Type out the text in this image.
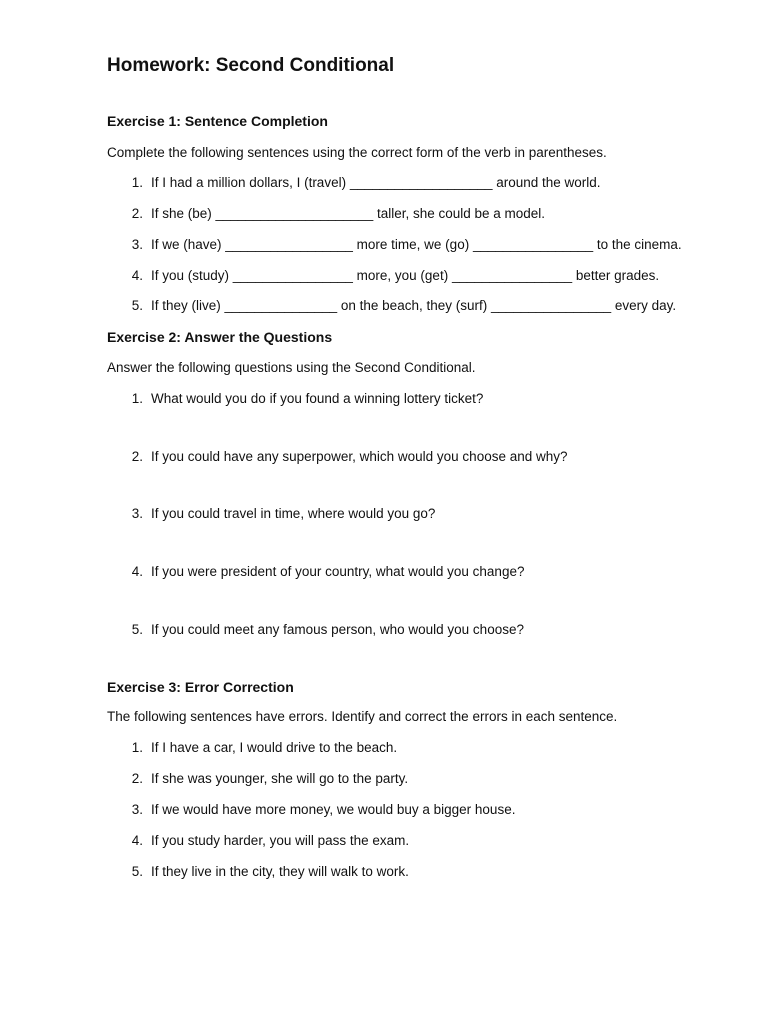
Homework: Second Conditional
Exercise 1: Sentence Completion

Complete the following sentences using the correct form of the verb in parentheses.

1. If I had a million dollars, I (travel) ___________________ around the world.
2. If she (be) _____________________ taller, she could be a model.
3. If we (have) _________________ more time, we (go) ________________ to the cinema.
4. If you (study) ________________ more, you (get) ________________ better grades.
5. If they (live) _______________ on the beach, they (surf) ________________ every day.
Exercise 2: Answer the Questions

Answer the following questions using the Second Conditional.

1. What would you do if you found a winning lottery ticket?
2. If you could have any superpower, which would you choose and why?
3. If you could travel in time, where would you go?
4. If you were president of your country, what would you change?
5. If you could meet any famous person, who would you choose?
Exercise 3: Error Correction

The following sentences have errors. Identify and correct the errors in each sentence.

1. If I have a car, I would drive to the beach.
2. If she was younger, she will go to the party.
3. If we would have more money, we would buy a bigger house.
4. If you study harder, you will pass the exam.
5. If they live in the city, they will walk to work.
